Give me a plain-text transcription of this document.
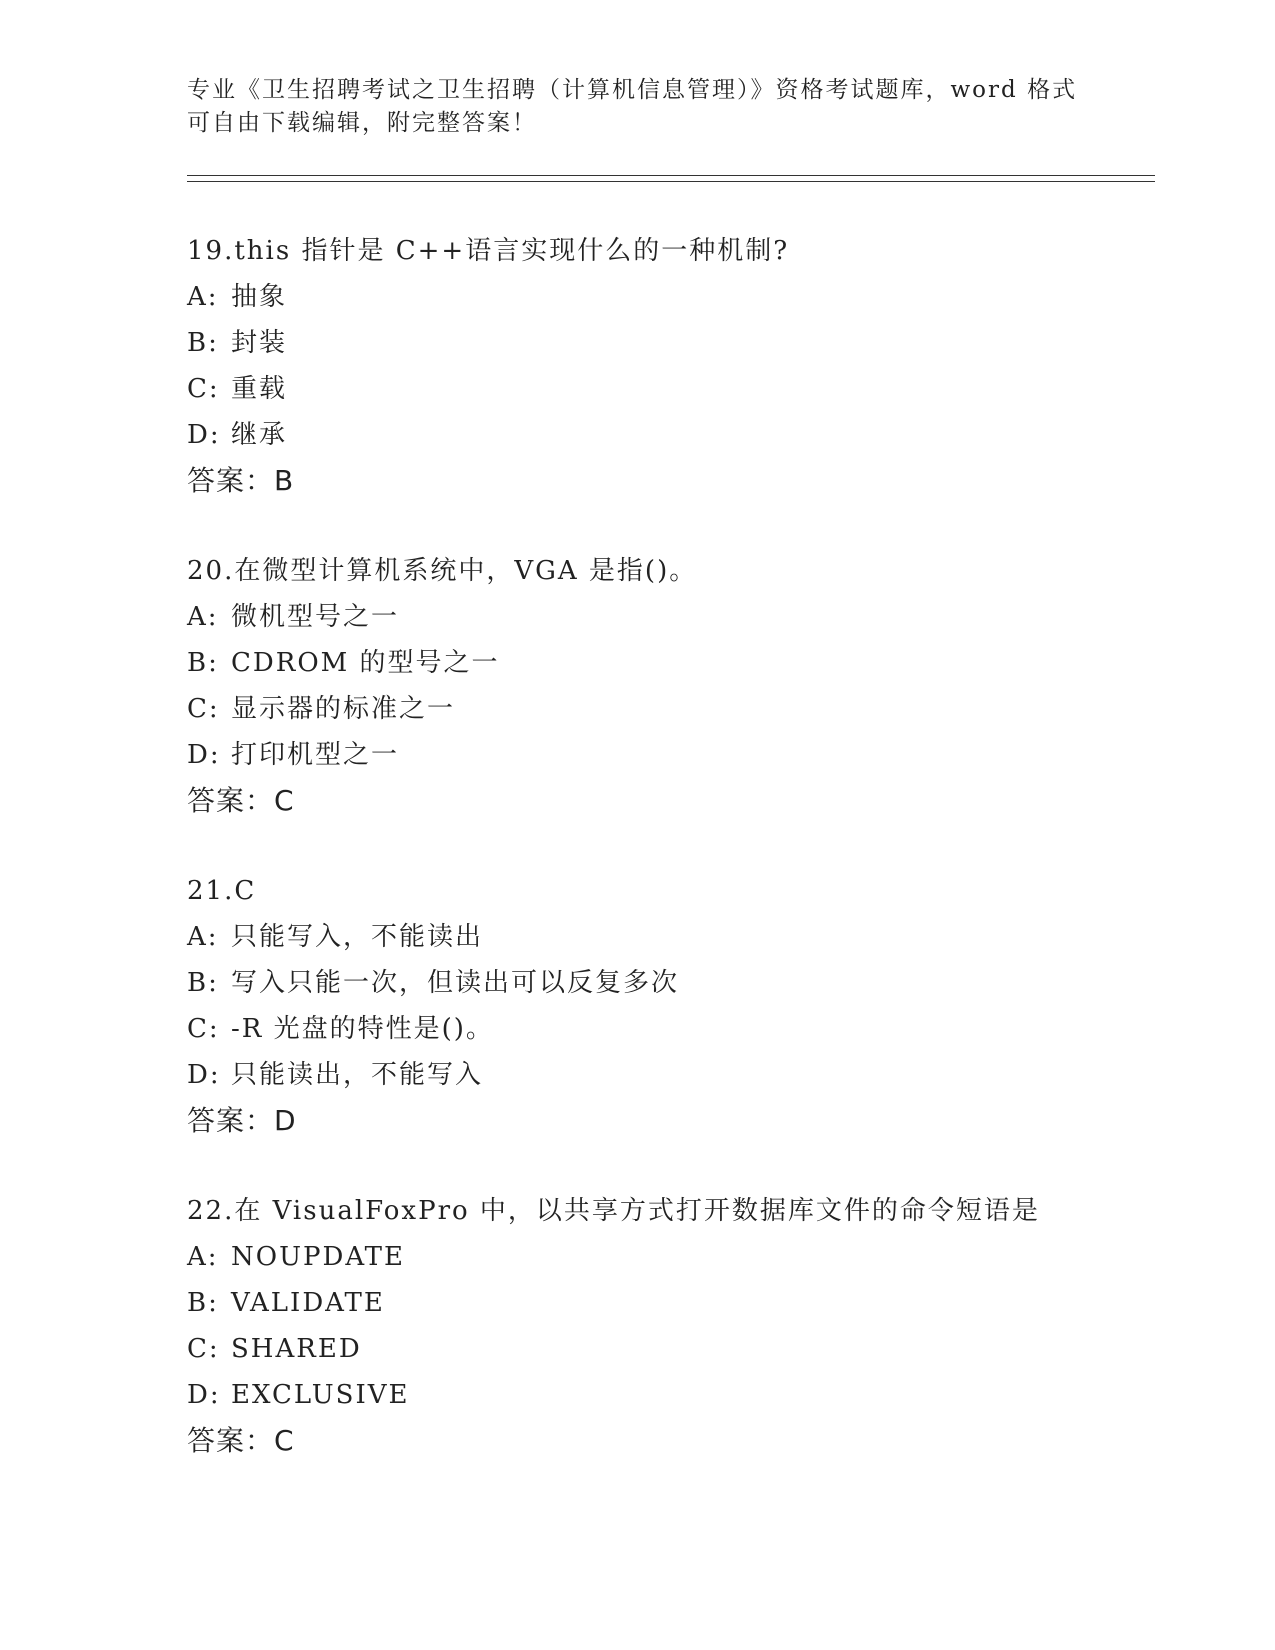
专业《卫生招聘考试之卫生招聘（计算机信息管理）》资格考试题库，word 格式
可自由下载编辑，附完整答案！
19.this 指针是 C++语言实现什么的一种机制?
A: 抽象
B: 封装
C: 重载
D: 继承
答案：B
20.在微型计算机系统中，VGA 是指()。
A: 微机型号之一
B: CDROM 的型号之一
C: 显示器的标准之一
D: 打印机型之一
答案：C
21.C
A: 只能写入，不能读出
B: 写入只能一次，但读出可以反复多次
C: -R 光盘的特性是()。
D: 只能读出，不能写入
答案：D
22.在 VisualFoxPro 中，以共享方式打开数据库文件的命令短语是
A: NOUPDATE
B: VALIDATE
C: SHARED
D: EXCLUSIVE
答案：C
